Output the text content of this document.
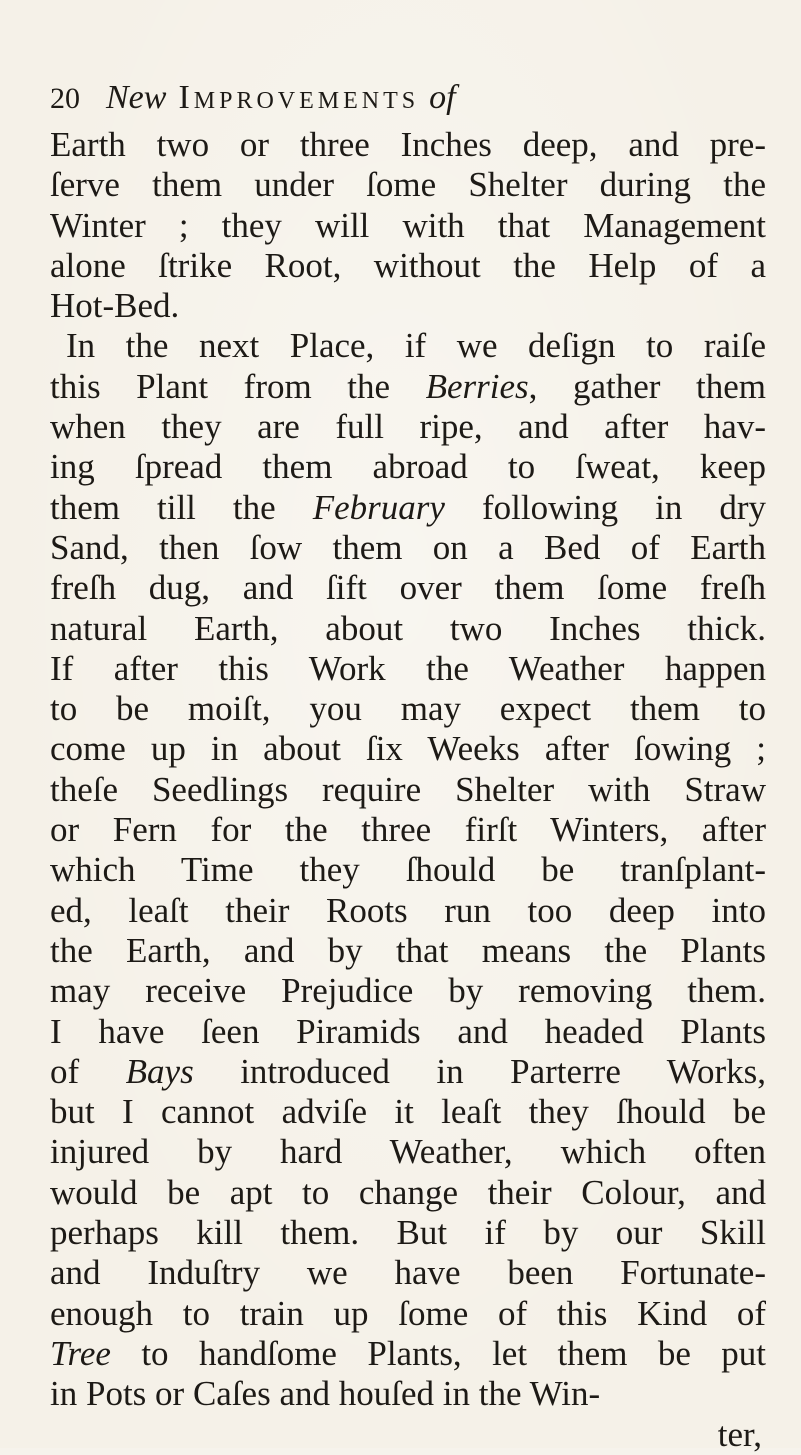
20 New Improvements of
Earth two or three Inches deep, and pre-
ſerve them under ſome Shelter during the
Winter ; they will with that Management
alone ſtrike Root, without the Help of a
Hot-Bed.
In the next Place, if we deſign to raiſe
this Plant from the Berries, gather them
when they are full ripe, and after hav-
ing ſpread them abroad to ſweat, keep
them till the February following in dry
Sand, then ſow them on a Bed of Earth
freſh dug, and ſift over them ſome freſh
natural Earth, about two Inches thick.
If after this Work the Weather happen
to be moiſt, you may expect them to
come up in about ſix Weeks after ſowing ;
theſe Seedlings require Shelter with Straw
or Fern for the three firſt Winters, after
which Time they ſhould be tranſplant-
ed, leaſt their Roots run too deep into
the Earth, and by that means the Plants
may receive Prejudice by removing them.
I have ſeen Piramids and headed Plants
of Bays introduced in Parterre Works,
but I cannot adviſe it leaſt they ſhould be
injured by hard Weather, which often
would be apt to change their Colour, and
perhaps kill them. But if by our Skill
and Induſtry we have been Fortunate-
enough to train up ſome of this Kind of
Tree to handſome Plants, let them be put
in Pots or Caſes and houſed in the Win-
ter,
